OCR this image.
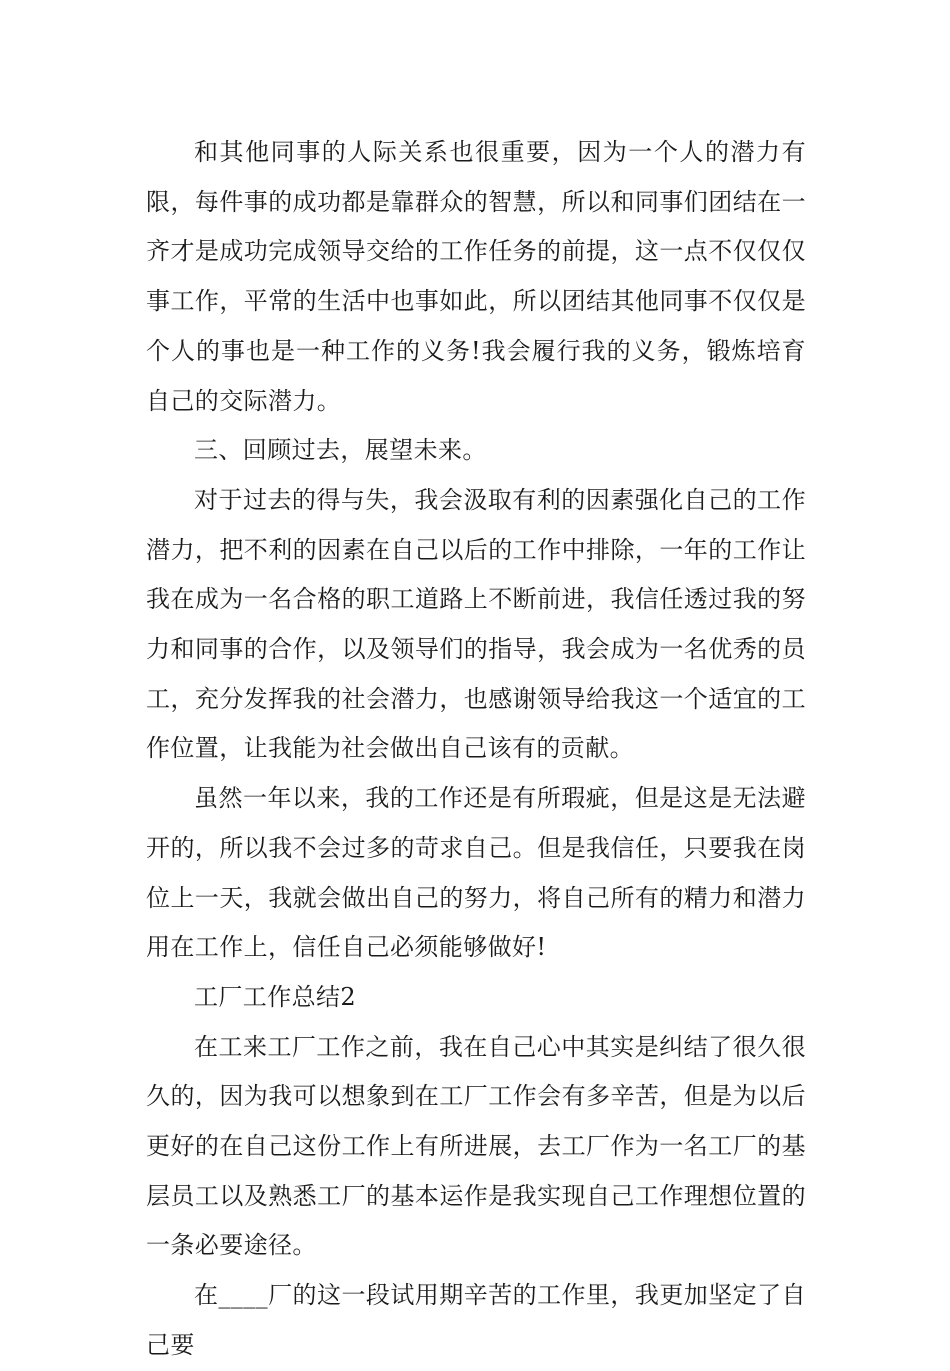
和其他同事的人际关系也很重要，因为一个人的潜力有限，每件事的成功都是靠群众的智慧，所以和同事们团结在一齐才是成功完成领导交给的工作任务的前提，这一点不仅仅仅事工作，平常的生活中也事如此，所以团结其他同事不仅仅是个人的事也是一种工作的义务!我会履行我的义务，锻炼培育自己的交际潜力。

三、回顾过去，展望未来。

对于过去的得与失，我会汲取有利的因素强化自己的工作潜力，把不利的因素在自己以后的工作中排除，一年的工作让我在成为一名合格的职工道路上不断前进，我信任透过我的努力和同事的合作，以及领导们的指导，我会成为一名优秀的员工，充分发挥我的社会潜力，也感谢领导给我这一个适宜的工作位置，让我能为社会做出自己该有的贡献。

虽然一年以来，我的工作还是有所瑕疵，但是这是无法避开的，所以我不会过多的苛求自己。但是我信任，只要我在岗位上一天，我就会做出自己的努力，将自己所有的精力和潜力用在工作上，信任自己必须能够做好!

工厂工作总结2

在工来工厂工作之前，我在自己心中其实是纠结了很久很久的，因为我可以想象到在工厂工作会有多辛苦，但是为以后更好的在自己这份工作上有所进展，去工厂作为一名工厂的基层员工以及熟悉工厂的基本运作是我实现自己工作理想位置的一条必要途径。

在____厂的这一段试用期辛苦的工作里，我更加坚定了自己要
